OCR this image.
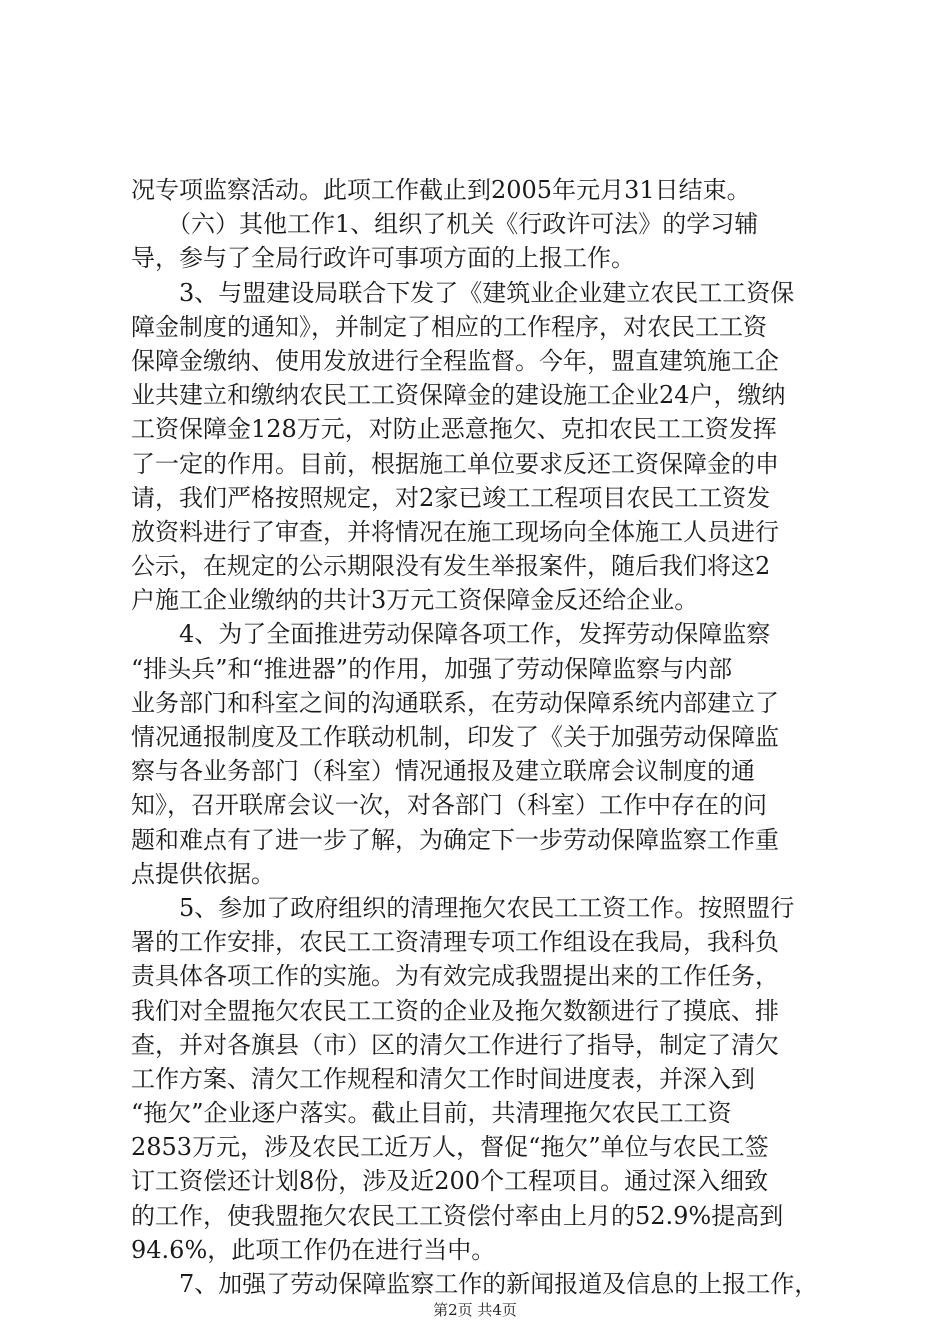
况专项监察活动。此项工作截止到2005年元月31日结束。
　　（六）其他工作1、组织了机关《行政许可法》的学习辅
导，参与了全局行政许可事项方面的上报工作。
　　3、与盟建设局联合下发了《建筑业企业建立农民工工资保
障金制度的通知》，并制定了相应的工作程序，对农民工工资
保障金缴纳、使用发放进行全程监督。今年，盟直建筑施工企
业共建立和缴纳农民工工资保障金的建设施工企业24户，缴纳
工资保障金128万元，对防止恶意拖欠、克扣农民工工资发挥
了一定的作用。目前，根据施工单位要求反还工资保障金的申
请，我们严格按照规定，对2家已竣工工程项目农民工工资发
放资料进行了审查，并将情况在施工现场向全体施工人员进行
公示，在规定的公示期限没有发生举报案件，随后我们将这2
户施工企业缴纳的共计3万元工资保障金反还给企业。
　　4、为了全面推进劳动保障各项工作，发挥劳动保障监察
“排头兵”和“推进器”的作用，加强了劳动保障监察与内部
业务部门和科室之间的沟通联系，在劳动保障系统内部建立了
情况通报制度及工作联动机制，印发了《关于加强劳动保障监
察与各业务部门（科室）情况通报及建立联席会议制度的通
知》，召开联席会议一次，对各部门（科室）工作中存在的问
题和难点有了进一步了解，为确定下一步劳动保障监察工作重
点提供依据。
　　5、参加了政府组织的清理拖欠农民工工资工作。按照盟行
署的工作安排，农民工工资清理专项工作组设在我局，我科负
责具体各项工作的实施。为有效完成我盟提出来的工作任务，
我们对全盟拖欠农民工工资的企业及拖欠数额进行了摸底、排
查，并对各旗县（市）区的清欠工作进行了指导，制定了清欠
工作方案、清欠工作规程和清欠工作时间进度表，并深入到
“拖欠”企业逐户落实。截止目前，共清理拖欠农民工工资
2853万元，涉及农民工近万人，督促“拖欠”单位与农民工签
订工资偿还计划8份，涉及近200个工程项目。通过深入细致
的工作，使我盟拖欠农民工工资偿付率由上月的52.9%提高到
94.6%，此项工作仍在进行当中。
　　7、加强了劳动保障监察工作的新闻报道及信息的上报工作，
第2页 共4页
